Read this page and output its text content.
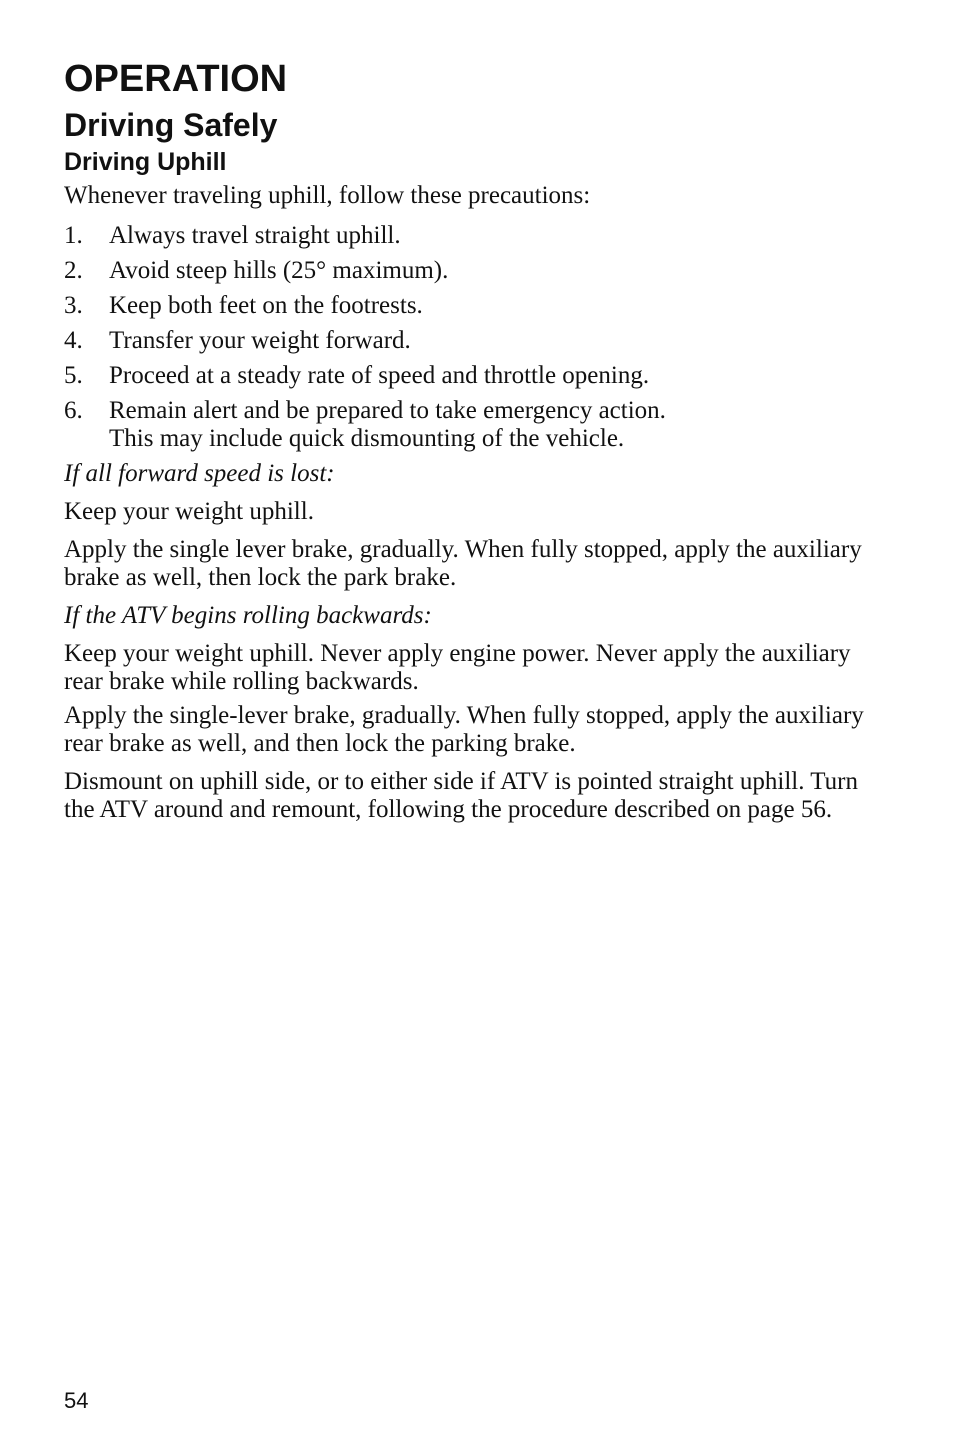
OPERATION
Driving Safely
Driving Uphill

Whenever traveling uphill, follow these precautions:

1.	Always travel straight uphill.
2.	Avoid steep hills (25° maximum).
3.	Keep both feet on the footrests.
4.	Transfer your weight forward.
5.	Proceed at a steady rate of speed and throttle opening.
6.	Remain alert and be prepared to take emergency action.
This may include quick dismounting of the vehicle.

If all forward speed is lost:

Keep your weight uphill.

Apply the single lever brake, gradually. When fully stopped, apply the auxiliary brake as well, then lock the park brake.

If the ATV begins rolling backwards:

Keep your weight uphill. Never apply engine power. Never apply the auxiliary rear brake while rolling backwards.

Apply the single-lever brake, gradually. When fully stopped, apply the auxiliary rear brake as well, and then lock the parking brake.

Dismount on uphill side, or to either side if ATV is pointed straight uphill. Turn the ATV around and remount, following the procedure described on page 56.

54
